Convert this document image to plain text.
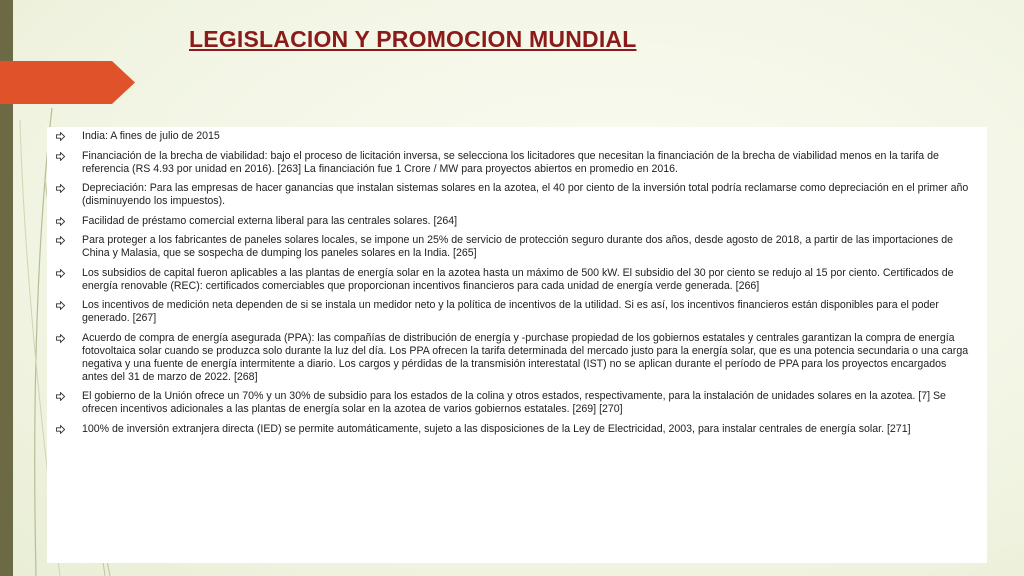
LEGISLACION Y PROMOCION MUNDIAL
India: A fines de julio de 2015
Financiación de la brecha de viabilidad: bajo el proceso de licitación inversa, se selecciona los licitadores que necesitan la financiación de la brecha de viabilidad menos en la tarifa de referencia (RS 4.93 por unidad en 2016). [263] La financiación fue 1 Crore / MW para proyectos abiertos en promedio en 2016.
Depreciación: Para las empresas de hacer ganancias que instalan sistemas solares en la azotea, el 40 por ciento de la inversión total podría reclamarse como depreciación en el primer año (disminuyendo los impuestos).
Facilidad de préstamo comercial externa liberal para las centrales solares. [264]
Para proteger a los fabricantes de paneles solares locales, se impone un 25% de servicio de protección seguro durante dos años, desde agosto de 2018, a partir de las importaciones de China y Malasia, que se sospecha de dumping los paneles solares en la India. [265]
Los subsidios de capital fueron aplicables a las plantas de energía solar en la azotea hasta un máximo de 500 kW. El subsidio del 30 por ciento se redujo al 15 por ciento. Certificados de energía renovable (REC): certificados comerciables que proporcionan incentivos financieros para cada unidad de energía verde generada. [266]
Los incentivos de medición neta dependen de si se instala un medidor neto y la política de incentivos de la utilidad. Si es así, los incentivos financieros están disponibles para el poder generado. [267]
Acuerdo de compra de energía asegurada (PPA): las compañías de distribución de energía y -purchase propiedad de los gobiernos estatales y centrales garantizan la compra de energía fotovoltaica solar cuando se produzca solo durante la luz del día. Los PPA ofrecen la tarifa determinada del mercado justo para la energía solar, que es una potencia secundaria o una carga negativa y una fuente de energía intermitente a diario. Los cargos y pérdidas de la transmisión interestatal (IST) no se aplican durante el período de PPA para los proyectos encargados antes del 31 de marzo de 2022. [268]
El gobierno de la Unión ofrece un 70% y un 30% de subsidio para los estados de la colina y otros estados, respectivamente, para la instalación de unidades solares en la azotea. [7] Se ofrecen incentivos adicionales a las plantas de energía solar en la azotea de varios gobiernos estatales. [269] [270]
100% de inversión extranjera directa (IED) se permite automáticamente, sujeto a las disposiciones de la Ley de Electricidad, 2003, para instalar centrales de energía solar. [271]
